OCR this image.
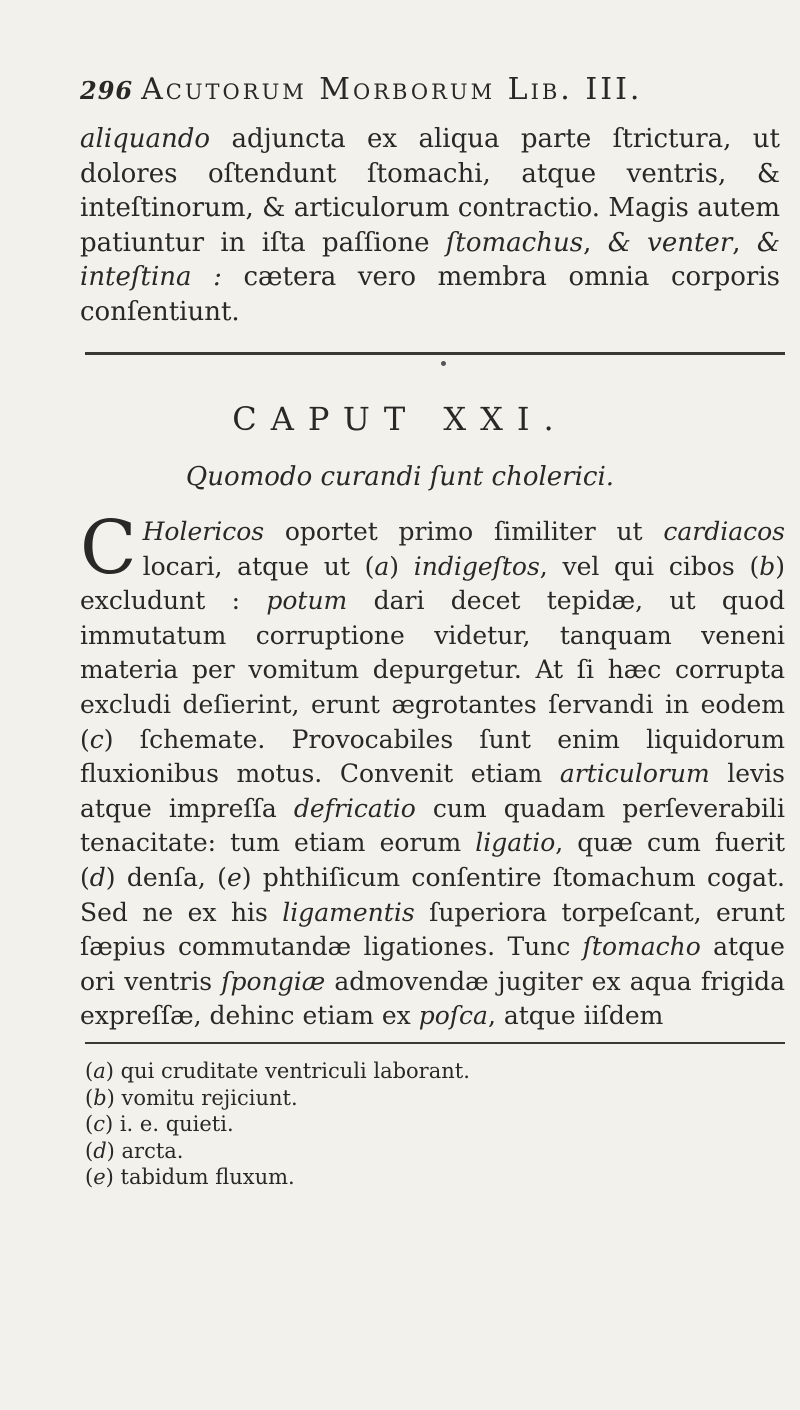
296 Acutorum Morborum Lib. III.

aliquando adjuncta ex aliqua parte ſtrictura, ut dolores oſtendunt ſtomachi, atque ventris, & inteſtinorum, & articulorum contractio. Magis autem patiuntur in iſta paſſione ſtomachus, & venter, & inteſtina : cætera vero membra omnia corporis conſentiunt.

CAPUT XXI.
Quomodo curandi ſunt cholerici.

C Holericos oportet primo ſimiliter ut cardiacos locari, atque ut (a) indigeſtos, vel qui cibos (b) excludunt : potum dari decet tepidæ, ut quod immutatum corruptione videtur, tanquam veneni materia per vomitum depurgetur. At ſi hæc corrupta excludi deſierint, erunt ægrotantes ſervandi in eodem (c) ſchemate. Provocabiles ſunt enim liquidorum fluxionibus motus. Convenit etiam articulorum levis atque impreſſa defricatio cum quadam perſeverabili tenacitate: tum etiam eorum ligatio, quæ cum fuerit (d) denſa, (e) phthiſicum conſentire ſtomachum cogat. Sed ne ex his ligamentis ſuperiora torpeſcant, erunt ſæpius commutandæ ligationes. Tunc ſtomacho atque ori ventris ſpongiæ admovendæ jugiter ex aqua frigida expreſſæ, dehinc etiam ex poſca, atque iiſdem

(a) qui cruditate ventriculi laborant.
(b) vomitu rejiciunt.
(c) i. e. quieti.
(d) arcta.
(e) tabidum fluxum.
